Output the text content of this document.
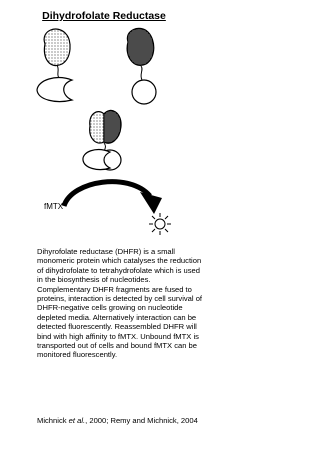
Dihydrofolate Reductase
fMTX

Dihyrofolate reductase (DHFR) is a small monomeric protein which catalyses the reduction of dihydrofolate to tetrahydrofolate which is used in the biosynthesis of nucleotides. Complementary DHFR fragments are fused to proteins, interaction is detected by cell survival of DHFR-negative cells growing on nucleotide depleted media. Alternatively interaction can be detected fluorescently. Reassembled DHFR will bind with high affinity to fMTX. Unbound fMTX is transported out of cells and bound fMTX can be monitored fluorescently.

Michnick et al., 2000; Remy and Michnick, 2004
